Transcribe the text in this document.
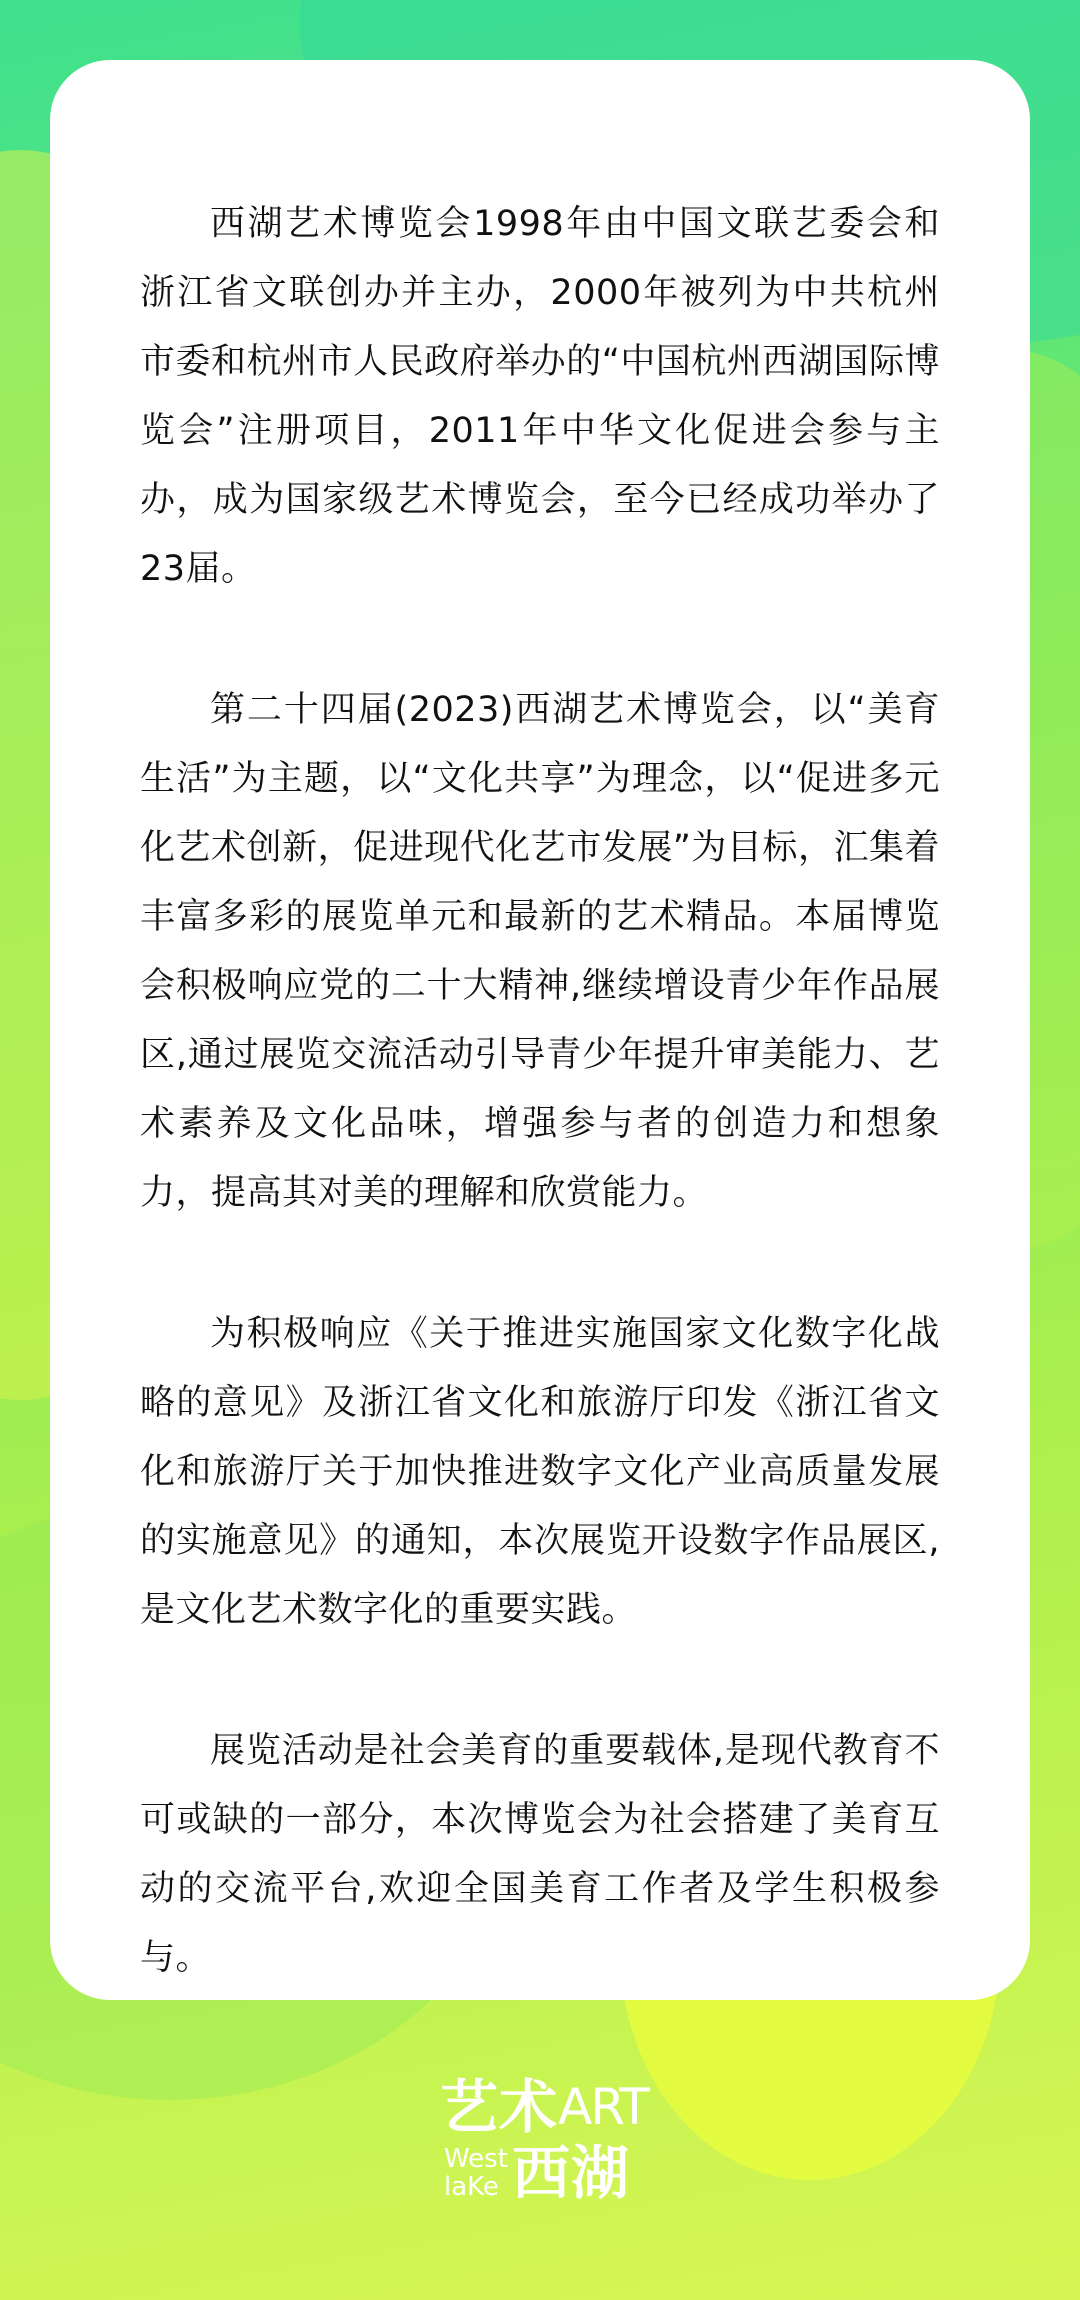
西湖艺术博览会1998年由中国文联艺委会和浙江省文联创办并主办，2000年被列为中共杭州市委和杭州市人民政府举办的“中国杭州西湖国际博览会”注册项目，2011年中华文化促进会参与主办，成为国家级艺术博览会，至今已经成功举办了23届。

第二十四届(2023)西湖艺术博览会，以“美育生活”为主题，以“文化共享”为理念，以“促进多元化艺术创新，促进现代化艺市发展”为目标，汇集着丰富多彩的展览单元和最新的艺术精品。本届博览会积极响应党的二十大精神,继续增设青少年作品展区,通过展览交流活动引导青少年提升审美能力、艺术素养及文化品味，增强参与者的创造力和想象力，提高其对美的理解和欣赏能力。

为积极响应《关于推进实施国家文化数字化战略的意见》及浙江省文化和旅游厅印发《浙江省文化和旅游厅关于加快推进数字文化产业高质量发展的实施意见》的通知，本次展览开设数字作品展区,是文化艺术数字化的重要实践。

展览活动是社会美育的重要载体,是现代教育不可或缺的一部分，本次博览会为社会搭建了美育互动的交流平台,欢迎全国美育工作者及学生积极参与。

艺术 ART
West
laKe 西湖
